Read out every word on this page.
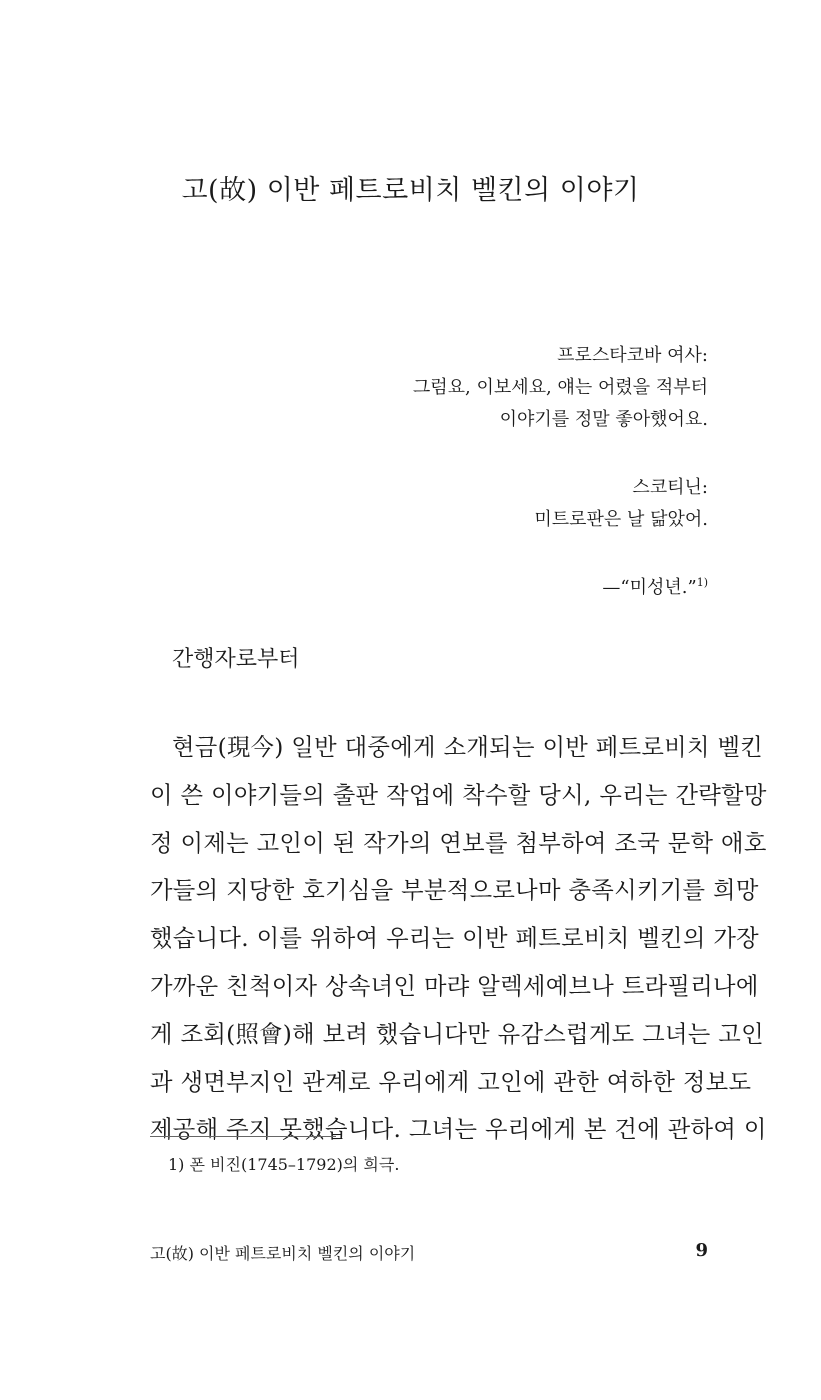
고(故) 이반 페트로비치 벨킨의 이야기

프로스타코바 여사:

그럼요, 이보세요, 얘는 어렸을 적부터

이야기를 정말 좋아했어요.

스코티닌:

미트로판은 날 닮았어.

—“미성년.”$^{1)}$

간행자로부터
현금(現今) 일반 대중에게 소개되는 이반 페트로비치 벨킨
이 쓴 이야기들의 출판 작업에 착수할 당시, 우리는 간략할망
정 이제는 고인이 된 작가의 연보를 첨부하여 조국 문학 애호
가들의 지당한 호기심을 부분적으로나마 충족시키기를 희망
했습니다. 이를 위하여 우리는 이반 페트로비치 벨킨의 가장
가까운 친척이자 상속녀인 마랴 알렉세예브나 트라필리나에
게 조회(照會)해 보려 했습니다만 유감스럽게도 그녀는 고인
과 생면부지인 관계로 우리에게 고인에 관한 여하한 정보도
제공해 주지 못했습니다. 그녀는 우리에게 본 건에 관하여 이
1) 폰 비진(1745–1792)의 희극.
고(故) 이반 페트로비치 벨킨의 이야기	9
